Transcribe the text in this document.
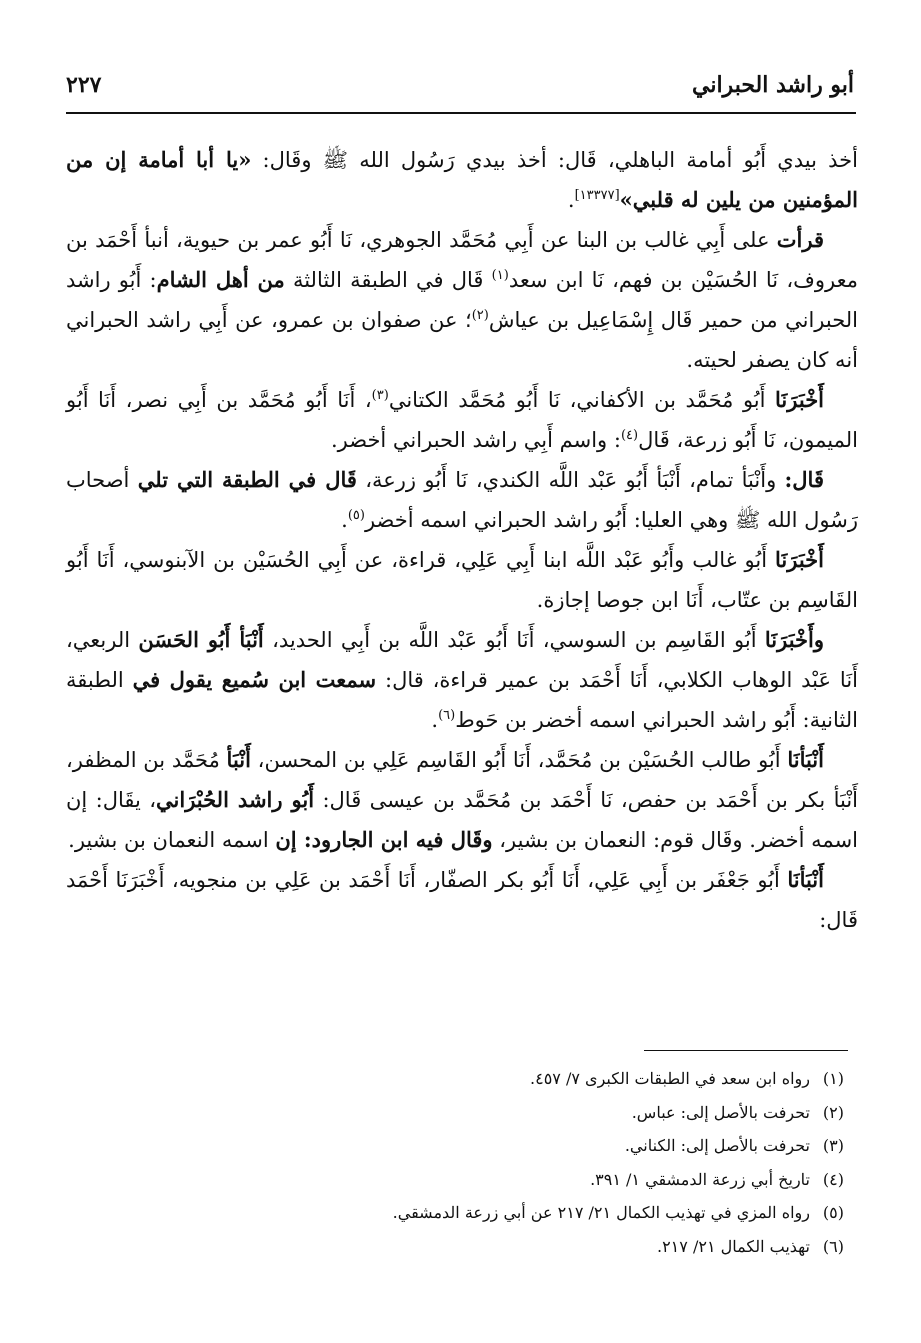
أبو راشد الحبراني
٢٢٧

أخذ بيدي أَبُو أمامة الباهلي، قَال: أخذ بيدي رَسُول الله ﷺ وقَال: «يا أبا أمامة إن من المؤمنين من يلين له قلبي»[١٣٣٧٧].

قرأت على أَبِي غالب بن البنا عن أَبِي مُحَمَّد الجوهري، نَا أَبُو عمر بن حيوية، أنبأ أَحْمَد بن معروف، نَا الحُسَيْن بن فهم، نَا ابن سعد$^{(١)}$ قَال في الطبقة الثالثة من أهل الشام: أَبُو راشد الحبراني من حمير قَال إِسْمَاعِيل بن عياش$^{(٢)}$؛ عن صفوان بن عمرو، عن أَبِي راشد الحبراني أنه كان يصفر لحيته.

أَخْبَرَنَا أَبُو مُحَمَّد بن الأكفاني، نَا أَبُو مُحَمَّد الكتاني$^{(٣)}$، أَنَا أَبُو مُحَمَّد بن أَبِي نصر، أَنَا أَبُو الميمون، نَا أَبُو زرعة، قَال$^{(٤)}$: واسم أَبِي راشد الحبراني أخضر.

قَال: وأَنْبَأ تمام، أَنْبَأ أَبُو عَبْد اللَّه الكندي، نَا أَبُو زرعة، قَال في الطبقة التي تلي أصحاب رَسُول الله ﷺ وهي العليا: أَبُو راشد الحبراني اسمه أخضر$^{(٥)}$.

أَخْبَرَنَا أَبُو غالب وأَبُو عَبْد اللَّه ابنا أَبِي عَلِي، قراءة، عن أَبِي الحُسَيْن بن الآبنوسي، أَنَا أَبُو القَاسِم بن عتّاب، أَنَا ابن جوصا إجازة.

وأَخْبَرَنَا أَبُو القَاسِم بن السوسي، أَنَا أَبُو عَبْد اللَّه بن أَبِي الحديد، أَنْبَأ أَبُو الحَسَن الربعي، أَنَا عَبْد الوهاب الكلابي، أَنَا أَحْمَد بن عمير قراءة، قال: سمعت ابن سُميع يقول في الطبقة الثانية: أَبُو راشد الحبراني اسمه أخضر بن حَوط$^{(٦)}$.

أَنْبَأنَا أَبُو طالب الحُسَيْن بن مُحَمَّد، أَنَا أَبُو القَاسِم عَلِي بن المحسن، أَنْبَأ مُحَمَّد بن المظفر، أَنْبَأ بكر بن أَحْمَد بن حفص، نَا أَحْمَد بن مُحَمَّد بن عيسى قَال: أَبُو راشد الحُبْرَاني، يقَال: إن اسمه أخضر. وقَال قوم: النعمان بن بشير، وقَال فيه ابن الجارود: إن اسمه النعمان بن بشير.

أَنْبَأنَا أَبُو جَعْفَر بن أَبِي عَلِي، أَنَا أَبُو بكر الصفّار، أَنَا أَحْمَد بن عَلِي بن منجويه، أَخْبَرَنَا أَحْمَد قَال:

(١)رواه ابن سعد في الطبقات الكبرى ٧/ ٤٥٧.

(٢)تحرفت بالأصل إلى: عباس.

(٣)تحرفت بالأصل إلى: الكناني.

(٤)تاريخ أبي زرعة الدمشقي ١/ ٣٩١.

(٥)رواه المزي في تهذيب الكمال ٢١/ ٢١٧ عن أبي زرعة الدمشقي.

(٦)تهذيب الكمال ٢١/ ٢١٧.
